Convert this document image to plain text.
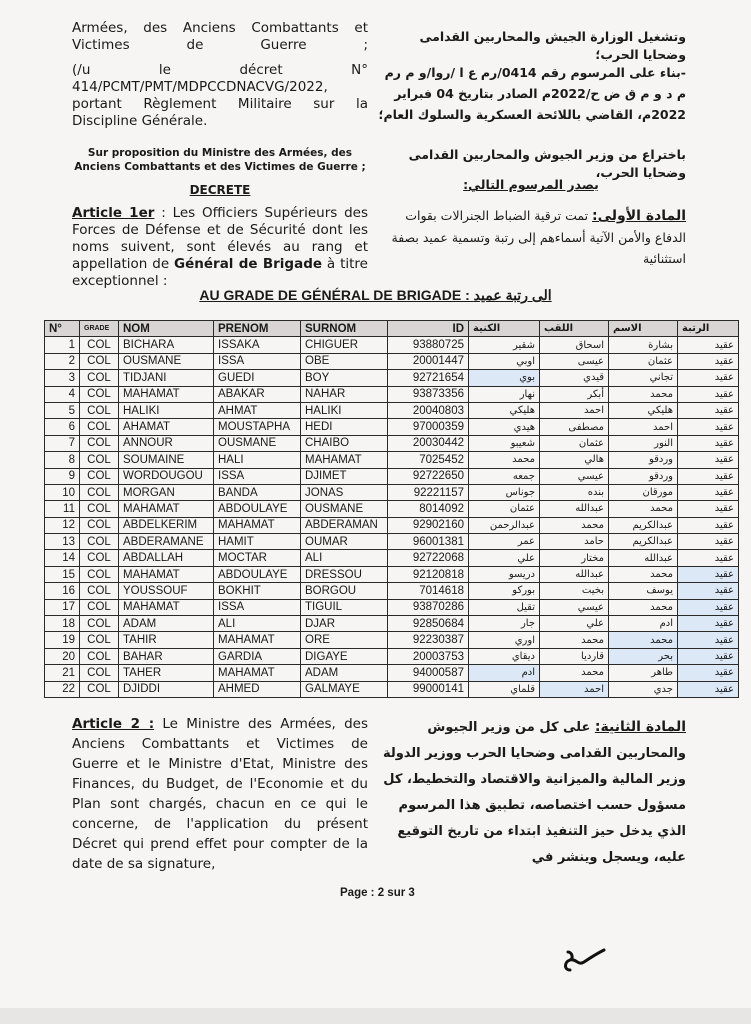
Armées, des Anciens Combattants et Victimes de Guerre ;
(/u le décret N° 414/PCMT/PMT/MDPCCDNACVG/2022, portant Règlement Militaire sur la Discipline Générale.
Sur proposition du Ministre des Armées, des Anciens Combattants et des Victimes de Guerre ;
DECRETE
Article 1er : Les Officiers Supérieurs des Forces de Défense et de Sécurité dont les noms suivent, sont élevés au rang et appellation de Général de Brigade à titre exceptionnel :
وتشغيل الوزارة الجيش والمحاربين القدامى وضحايا الحرب؛
-بناء على المرسوم رقم 0414/رم ع ا /روا/و م رم م د و م ق ض ح/2022م الصادر بتاريخ 04 فبراير 2022م، القاضي باللائحة العسكرية والسلوك العام؛
باختراع من وزير الجيوش والمحاربين القدامى وضحايا الحرب،
يصدر المرسوم التالي:
المادة الأولى: تمت ترقية الضباط الجنرالات بقوات الدفاع والأمن الآتية أسماءهم إلى رتبة وتسمية عميد بصفة استثنائية
AU GRADE DE GÉNÉRAL DE BRIGADE : الى رتبة عميد
N°	GRADE	NOM	PRENOM	SURNOM	ID	الكنية	اللقب	الاسم	الرتبة
1	COL	BICHARA	ISSAKA	CHIGUER	93880725	شقير	اسحاق	بشارة	عقيد
2	COL	OUSMANE	ISSA	OBE	20001447	اوبي	عيسى	عثمان	عقيد
3	COL	TIDJANI	GUEDI	BOY	92721654	بوي	قيدي	تجاني	عقيد
4	COL	MAHAMAT	ABAKAR	NAHAR	93873356	نهار	أبكر	محمد	عقيد
5	COL	HALIKI	AHMAT	HALIKI	20040803	هليكي	احمد	هليكي	عقيد
6	COL	AHAMAT	MOUSTAPHA	HEDI	97000359	هيدي	مصطفى	احمد	عقيد
7	COL	ANNOUR	OUSMANE	CHAIBO	20030442	شعيبو	عثمان	النور	عقيد
8	COL	SOUMAINE	HALI	MAHAMAT	7025452	محمد	هالي	وردقو	عقيد
9	COL	WORDOUGOU	ISSA	DJIMET	92722650	جمعه	عيسي	وردقو	عقيد
10	COL	MORGAN	BANDA	JONAS	92221157	جوناس	بنده	مورقان	عقيد
11	COL	MAHAMAT	ABDOULAYE	OUSMANE	8014092	عثمان	عبدالله	محمد	عقيد
12	COL	ABDELKERIM	MAHAMAT	ABDERAMAN	92902160	عبدالرحمن	محمد	عبدالكريم	عقيد
13	COL	ABDERAMANE	HAMIT	OUMAR	96001381	عمر	حامد	عبدالكريم	عقيد
14	COL	ABDALLAH	MOCTAR	ALI	92722068	علي	مختار	عبدالله	عقيد
15	COL	MAHAMAT	ABDOULAYE	DRESSOU	92120818	دريسو	عبدالله	محمد	عقيد
16	COL	YOUSSOUF	BOKHIT	BORGOU	7014618	بوركو	بخيت	يوسف	عقيد
17	COL	MAHAMAT	ISSA	TIGUIL	93870286	تقيل	عيسي	محمد	عقيد
18	COL	ADAM	ALI	DJAR	92850684	جار	علي	ادم	عقيد
19	COL	TAHIR	MAHAMAT	ORE	92230387	اوري	محمد	محمد	عقيد
20	COL	BAHAR	GARDIA	DIGAYE	20003753	ديقاي	قارديا	بحر	عقيد
21	COL	TAHER	MAHAMAT	ADAM	94000587	ادم	محمد	طاهر	عقيد
22	COL	DJIDDI	AHMED	GALMAYE	99000141	قلماي	احمد	جدي	عقيد
Article 2 : Le Ministre des Armées, des Anciens Combattants et Victimes de Guerre et le Ministre d'Etat, Ministre des Finances, du Budget, de l'Economie et du Plan sont chargés, chacun en ce qui le concerne, de l'application du présent Décret qui prend effet pour compter de la date de sa signature,
المادة الثانية: على كل من وزير الجيوش والمحاربين القدامى وضحايا الحرب ووزير الدولة وزير المالية والميزانية والاقتصاد والتخطيط، كل مسؤول حسب اختصاصه، تطبيق هذا المرسوم الذي يدخل حيز التنفيذ ابتداء من تاريخ التوقيع عليه، ويسجل وينشر في
Page : 2 sur 3
